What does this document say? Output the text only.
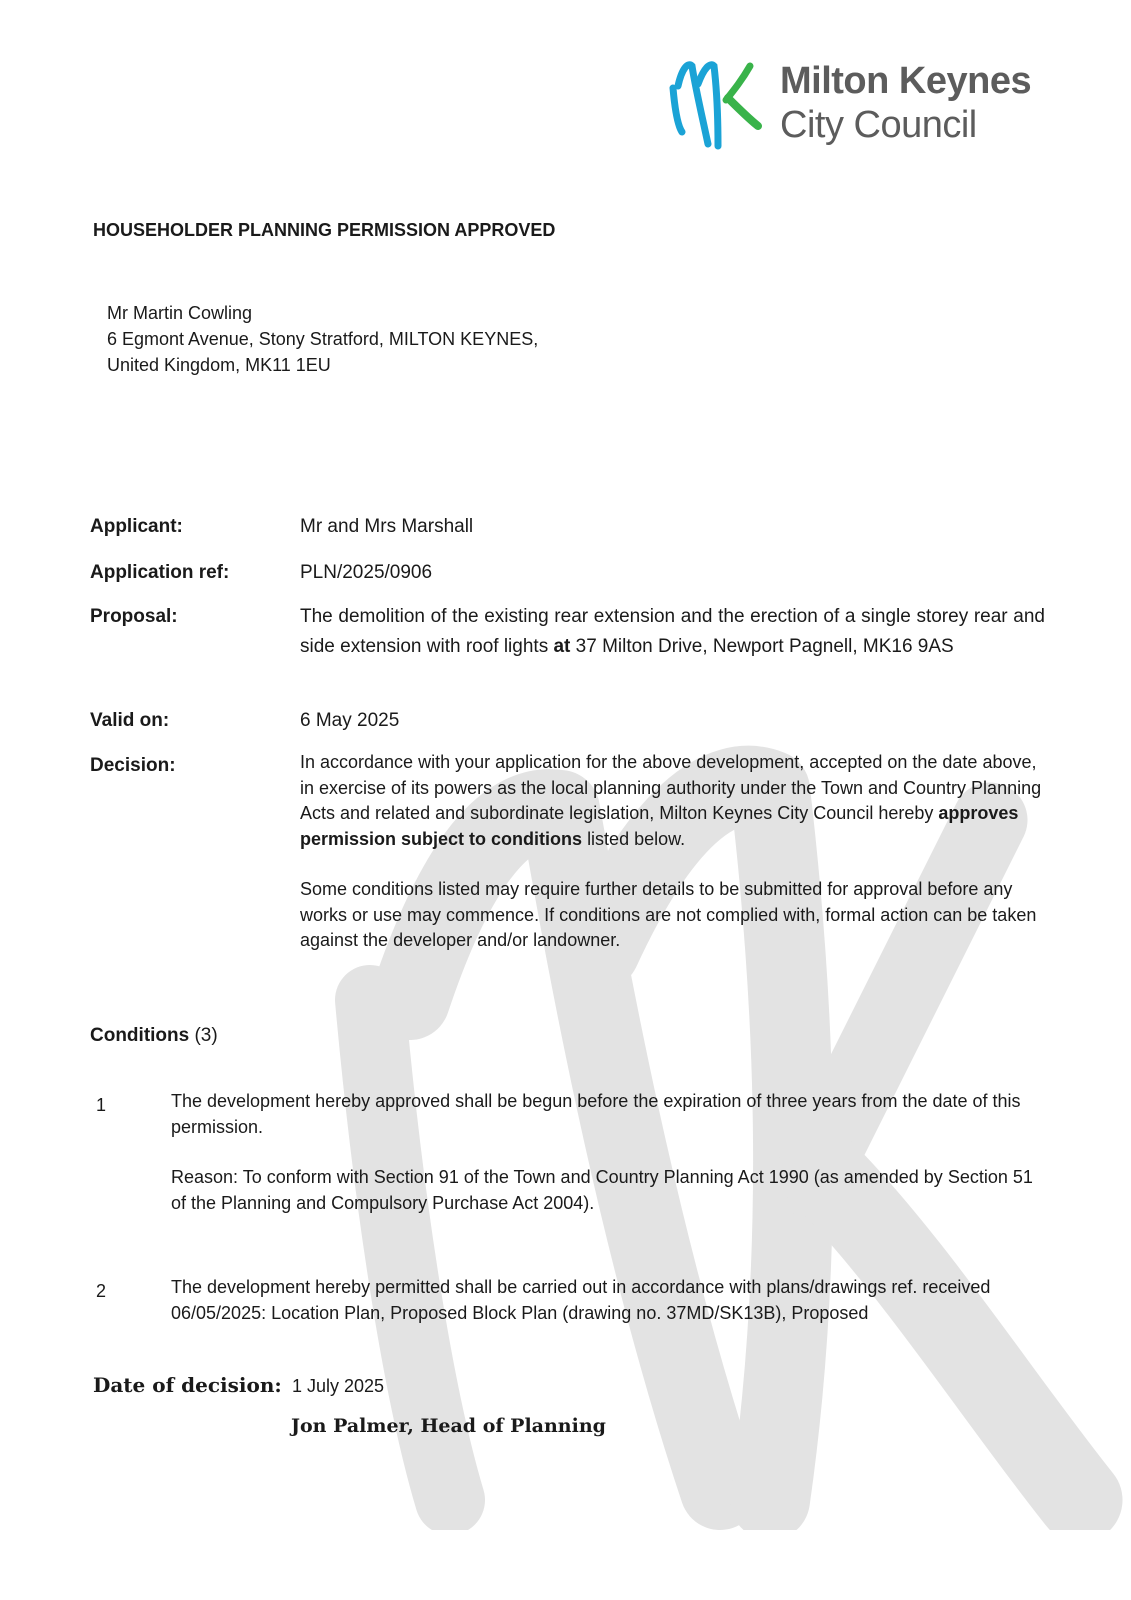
Milton Keynes
City Council
HOUSEHOLDER PLANNING PERMISSION APPROVED
Mr Martin Cowling
6 Egmont Avenue, Stony Stratford, MILTON KEYNES,
United Kingdom, MK11 1EU
Applicant:	Mr and Mrs Marshall
Application ref:	PLN/2025/0906
Proposal:	The demolition of the existing rear extension and the erection of a single storey rear and side extension with roof lights at 37 Milton Drive, Newport Pagnell, MK16 9AS
Valid on:	6 May 2025
Decision:	In accordance with your application for the above development, accepted on the date above, in exercise of its powers as the local planning authority under the Town and Country Planning Acts and related and subordinate legislation, Milton Keynes City Council hereby approves permission subject to conditions listed below.

Some conditions listed may require further details to be submitted for approval before any works or use may commence. If conditions are not complied with, formal action can be taken against the developer and/or landowner.

Conditions (3)
1	The development hereby approved shall be begun before the expiration of three years from the date of this permission.

Reason: To conform with Section 91 of the Town and Country Planning Act 1990 (as amended by Section 51 of the Planning and Compulsory Purchase Act 2004).

2	The development hereby permitted shall be carried out in accordance with plans/drawings ref. received 06/05/2025: Location Plan, Proposed Block Plan (drawing no. 37MD/SK13B), Proposed

Date of decision: 1 July 2025
Jon Palmer, Head of Planning
